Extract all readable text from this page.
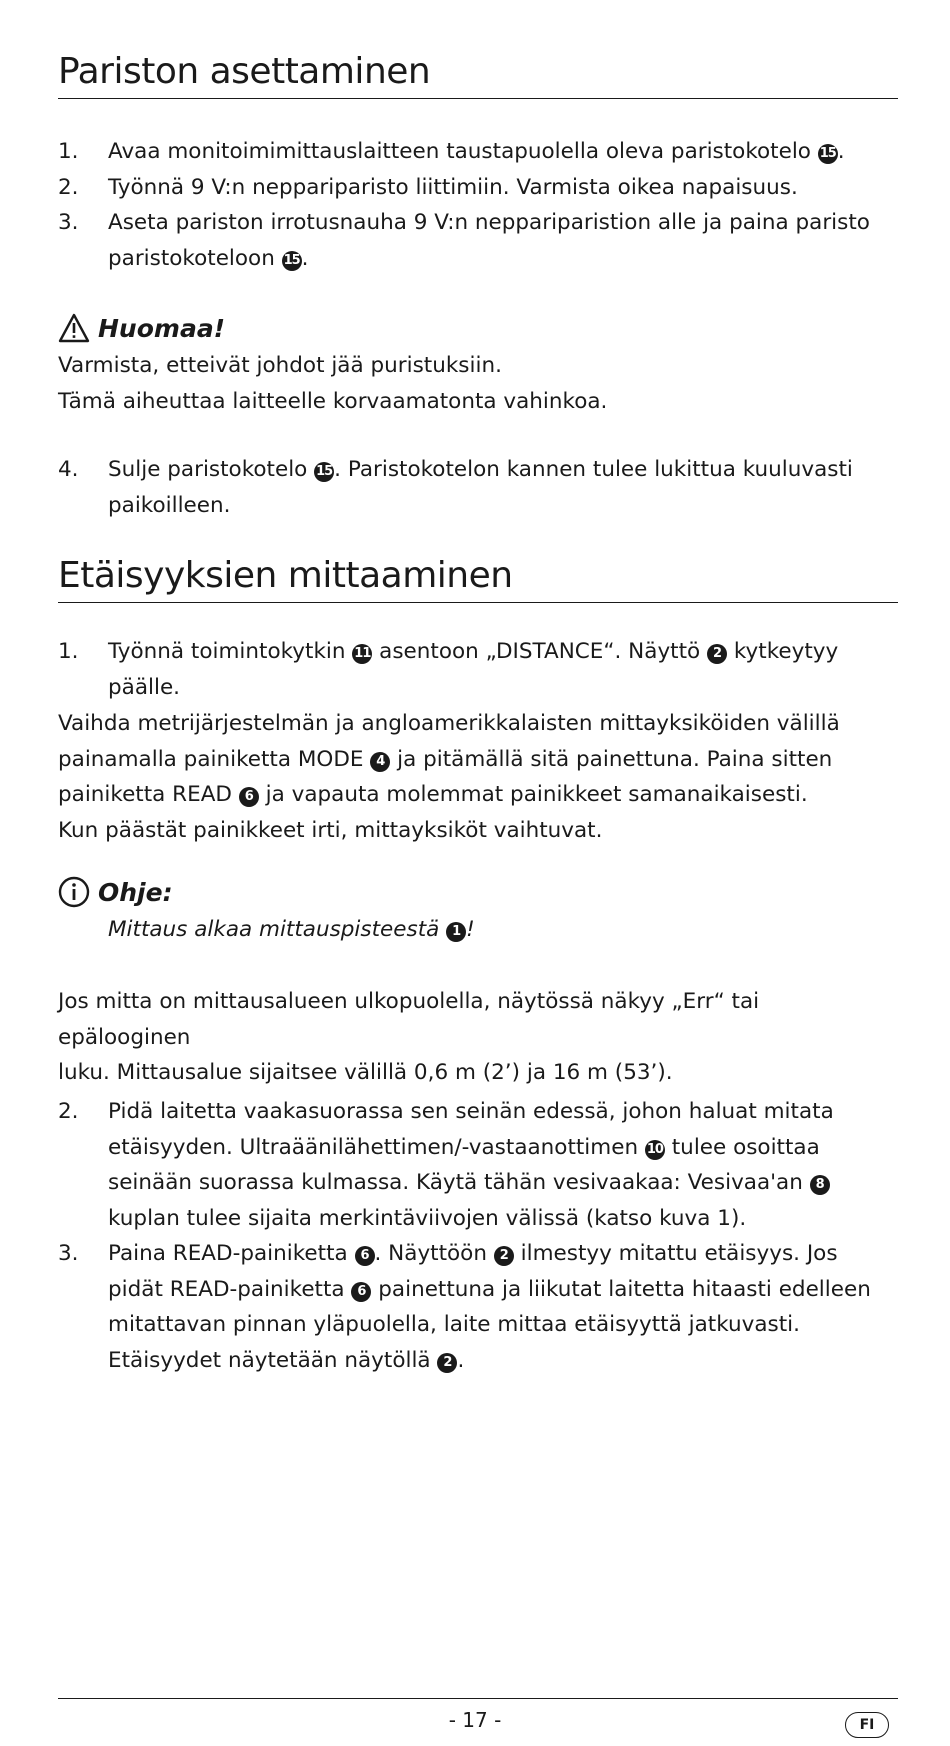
Pariston asettaminen
1.	Avaa monitoimimittauslaitteen taustapuolella oleva paristokotelo 15.
2.	Työnnä 9 V:n neppariparisto liittimiin. Varmista oikea napaisuus.
3.	Aseta pariston irrotusnauha 9 V:n neppariparistion alle ja paina paristo paristokoteloon 15.
Huomaa!
Varmista, etteivät johdot jää puristuksiin.
Tämä aiheuttaa laitteelle korvaamatonta vahinkoa.
4.	Sulje paristokotelo 15. Paristokotelon kannen tulee lukittua kuuluvasti paikoilleen.
Etäisyyksien mittaaminen
1.	Työnnä toimintokytkin 11 asentoon „DISTANCE“. Näyttö 2 kytkeytyy päälle.
Vaihda metrijärjestelmän ja angloamerikkalaisten mittayksiköiden välillä painamalla painiketta MODE 4 ja pitämällä sitä painettuna. Paina sitten painiketta READ 6 ja vapauta molemmat painikkeet samanaikaisesti.
Kun päästät painikkeet irti, mittayksiköt vaihtuvat.
Ohje:
Mittaus alkaa mittauspisteestä 1 !
Jos mitta on mittausalueen ulkopuolella, näytössä näkyy „Err“ tai epälooginen
luku. Mittausalue sijaitsee välillä 0,6 m (2’) ja 16 m (53’).
2.	Pidä laitetta vaakasuorassa sen seinän edessä, johon haluat mitata etäisyyden. Ultraäänilähettimen/-vastaanottimen 10 tulee osoittaa seinään suorassa kulmassa. Käytä tähän vesivaakaa: Vesivaa'an 8 kuplan tulee sijaita merkintäviivojen välissä (katso kuva 1).
3.	Paina READ-painiketta 6 . Näyttöön 2 ilmestyy mitattu etäisyys. Jos pidät READ-painiketta 6 painettuna ja liikutat laitetta hitaasti edelleen mitattavan pinnan yläpuolella, laite mittaa etäisyyttä jatkuvasti. Etäisyydet näytetään näytöllä 2 .
- 17 -	FI
